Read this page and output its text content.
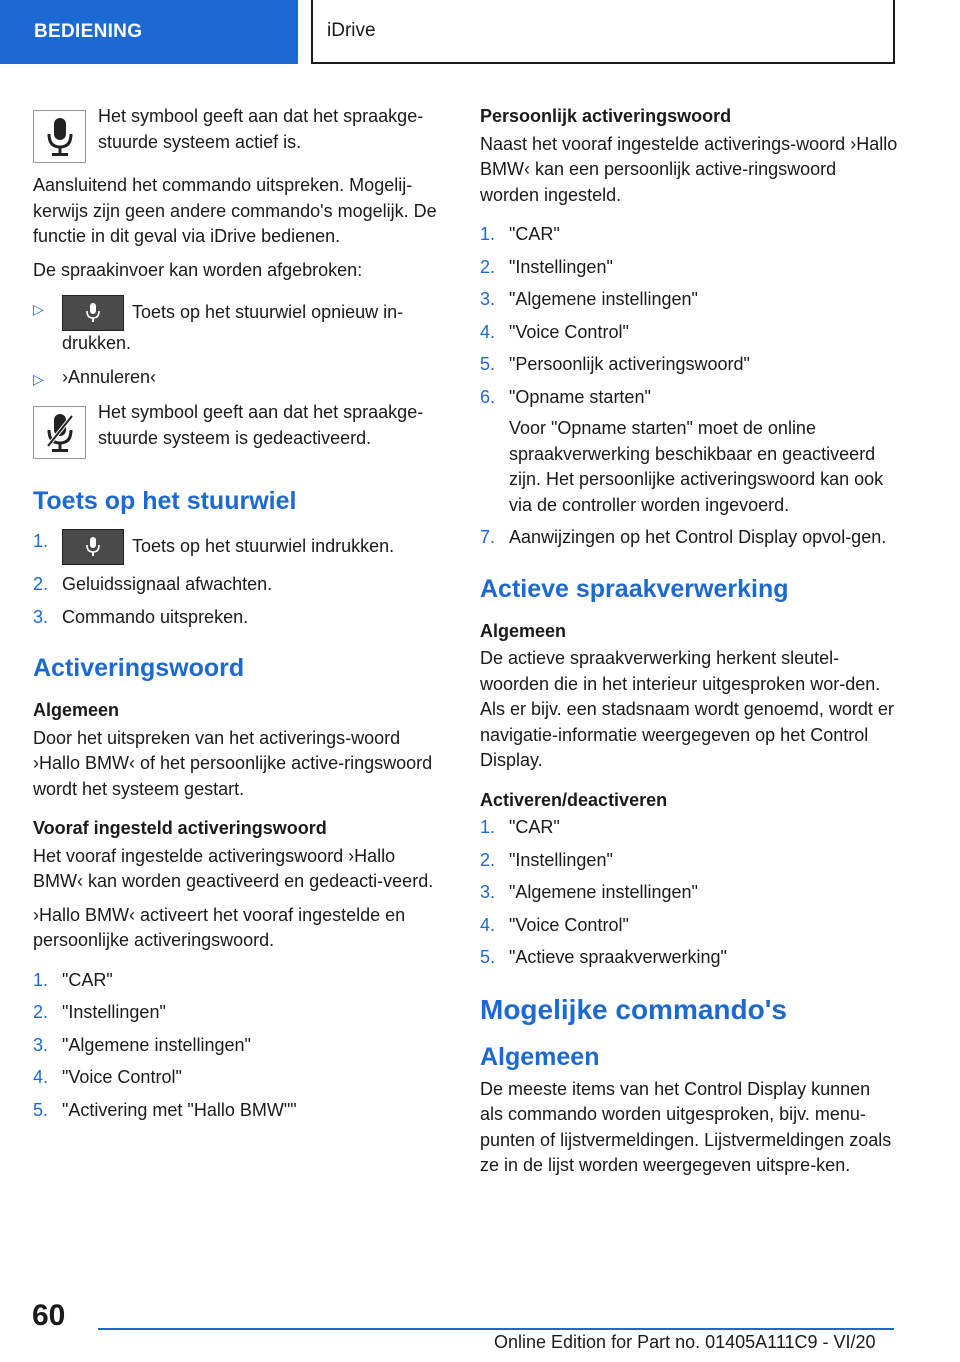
BEDIENING	iDrive
Het symbool geeft aan dat het spraakge-stuurde systeem actief is.

Aansluitend het commando uitspreken. Mogelij-kerwijs zijn geen andere commando's mogelijk. De functie in dit geval via iDrive bedienen.

De spraakinvoer kan worden afgebroken:

▷	Toets op het stuurwiel opnieuw in-drukken.
▷	›Annuleren‹
Het symbool geeft aan dat het spraakge-stuurde systeem is gedeactiveerd.
Toets op het stuurwiel
1.	Toets op het stuurwiel indrukken.
2. Geluidssignaal afwachten.
3. Commando uitspreken.
Activeringswoord
Algemeen

Door het uitspreken van het activerings-woord ›Hallo BMW‹ of het persoonlijke active-ringswoord wordt het systeem gestart.

Vooraf ingesteld activeringswoord

Het vooraf ingestelde activeringswoord ›Hallo BMW‹ kan worden geactiveerd en gedeacti-veerd.

›Hallo BMW‹ activeert het vooraf ingestelde en persoonlijke activeringswoord.

1. "CAR"
2. "Instellingen"
3. "Algemene instellingen"
4. "Voice Control"
5. "Activering met "Hallo BMW""
Persoonlijk activeringswoord

Naast het vooraf ingestelde activerings-woord ›Hallo BMW‹ kan een persoonlijk active-ringswoord worden ingesteld.

1. "CAR"
2. "Instellingen"
3. "Algemene instellingen"
4. "Voice Control"
5. "Persoonlijk activeringswoord"
6. "Opname starten"
Voor "Opname starten" moet de online spraakverwerking beschikbaar en geactiveerd zijn. Het persoonlijke activeringswoord kan ook via de controller worden ingevoerd.
7. Aanwijzingen op het Control Display opvol-gen.
Actieve spraakverwerking
Algemeen

De actieve spraakverwerking herkent sleutel-woorden die in het interieur uitgesproken wor-den. Als er bijv. een stadsnaam wordt genoemd, wordt er navigatie-informatie weergegeven op het Control Display.

Activeren/deactiveren
1. "CAR"
2. "Instellingen"
3. "Algemene instellingen"
4. "Voice Control"
5. "Actieve spraakverwerking"
Mogelijke commando's
Algemeen

De meeste items van het Control Display kunnen als commando worden uitgesproken, bijv. menu-punten of lijstvermeldingen. Lijstvermeldingen zoals ze in de lijst worden weergegeven uitspre-ken.

60
Online Edition for Part no. 01405A111C9 - VI/20
